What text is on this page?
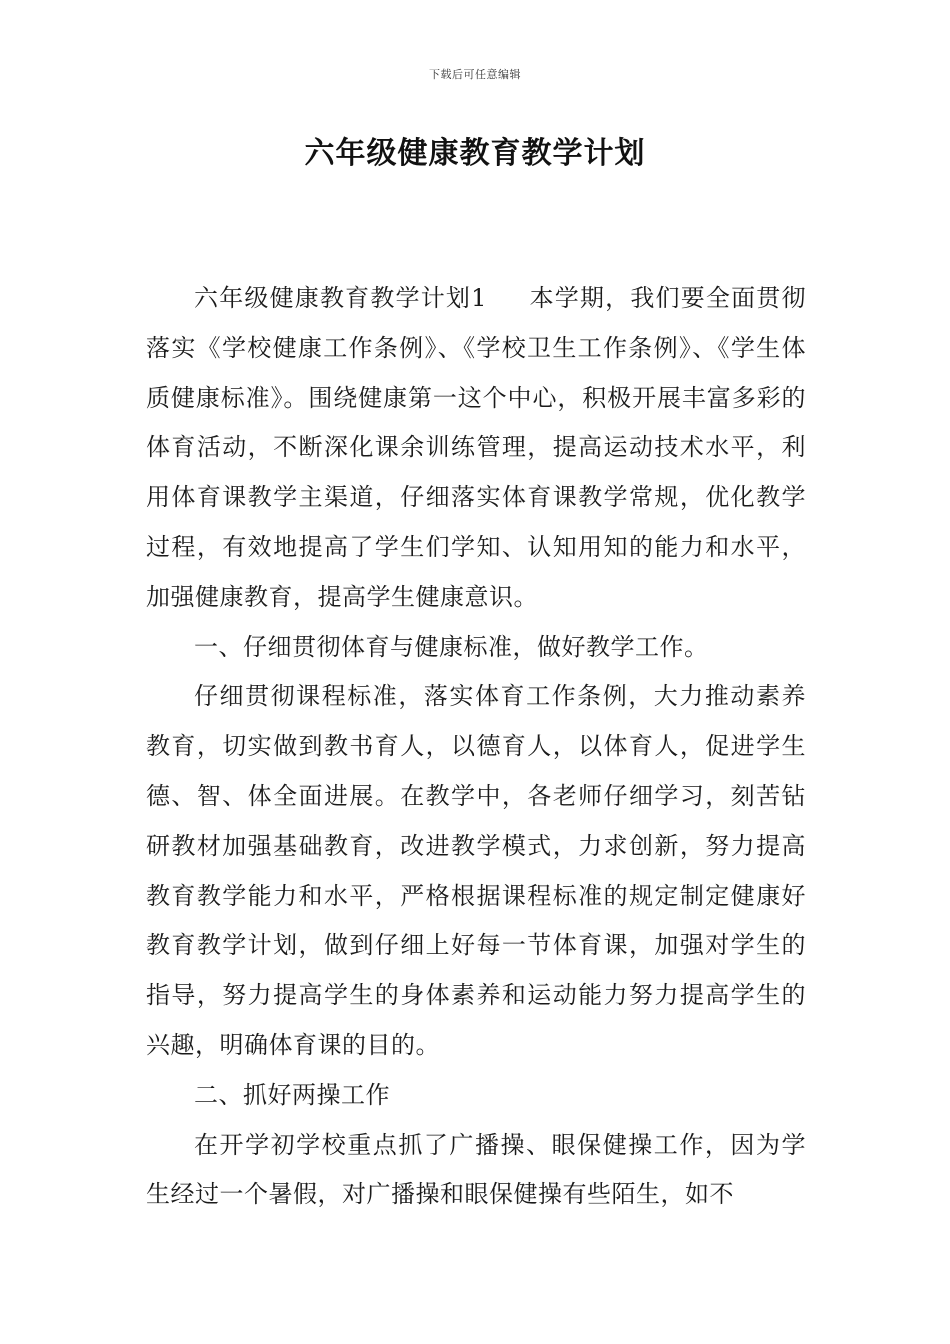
下载后可任意编辑
六年级健康教育教学计划

六年级健康教育教学计划1 本学期，我们要全面贯彻落实《学校健康工作条例》、《学校卫生工作条例》、《学生体质健康标准》。围绕健康第一这个中心，积极开展丰富多彩的体育活动，不断深化课余训练管理，提高运动技术水平，利用体育课教学主渠道，仔细落实体育课教学常规，优化教学过程，有效地提高了学生们学知、认知用知的能力和水平，加强健康教育，提高学生健康意识。

一、仔细贯彻体育与健康标准，做好教学工作。

仔细贯彻课程标准，落实体育工作条例，大力推动素养教育，切实做到教书育人，以德育人，以体育人，促进学生德、智、体全面进展。在教学中，各老师仔细学习，刻苦钻研教材加强基础教育，改进教学模式，力求创新，努力提高教育教学能力和水平，严格根据课程标准的规定制定健康好教育教学计划，做到仔细上好每一节体育课，加强对学生的指导，努力提高学生的身体素养和运动能力努力提高学生的兴趣，明确体育课的目的。

二、抓好两操工作

在开学初学校重点抓了广播操、眼保健操工作，因为学生经过一个暑假，对广播操和眼保健操有些陌生，如不
